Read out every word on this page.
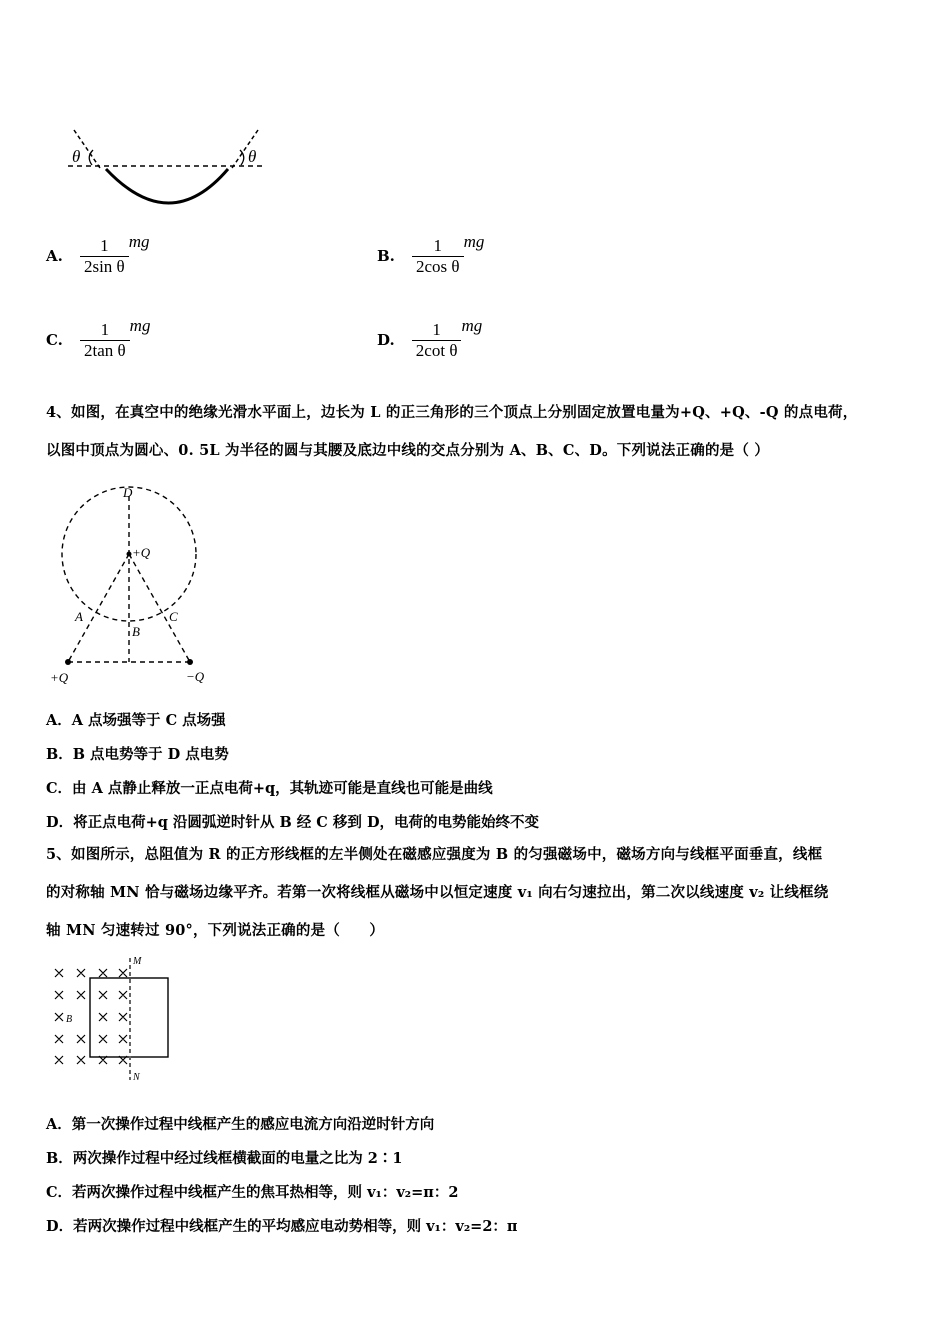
θ	θ
A. $\frac{1}{\text{2sin θ}}$ mg
B. $\frac{1}{\text{2cos θ}}$ mg
C. $\frac{1}{\text{2tan θ}}$ mg
D. $\frac{1}{\text{2cot θ}}$ mg
4、如图，在真空中的绝缘光滑水平面上，边长为 L 的正三角形的三个顶点上分别固定放置电量为+Q、+Q、-Q 的点电荷，
以图中顶点为圆心、0. 5L 为半径的圆与其腰及底边中线的交点分别为 A、B、C、D。下列说法正确的是（ ）
D
+Q
A
B
C
+Q	−Q
A．A 点场强等于 C 点场强
B．B 点电势等于 D 点电势
C．由 A 点静止释放一正点电荷+q，其轨迹可能是直线也可能是曲线
D．将正点电荷+q 沿圆弧逆时针从 B 经 C 移到 D，电荷的电势能始终不变
5、如图所示，总阻值为 R 的正方形线框的左半侧处在磁感应强度为 B 的匀强磁场中，磁场方向与线框平面垂直，线框
的对称轴 MN 恰与磁场边缘平齐。若第一次将线框从磁场中以恒定速度 v₁ 向右匀速拉出，第二次以线速度 v₂ 让线框绕
轴 MN 匀速转过 90°，下列说法正确的是（　　）
M
N
B
A．第一次操作过程中线框产生的感应电流方向沿逆时针方向
B．两次操作过程中经过线框横截面的电量之比为 2∶1
C．若两次操作过程中线框产生的焦耳热相等，则 v₁：v₂=π：2
D．若两次操作过程中线框产生的平均感应电动势相等，则 v₁：v₂=2：π
